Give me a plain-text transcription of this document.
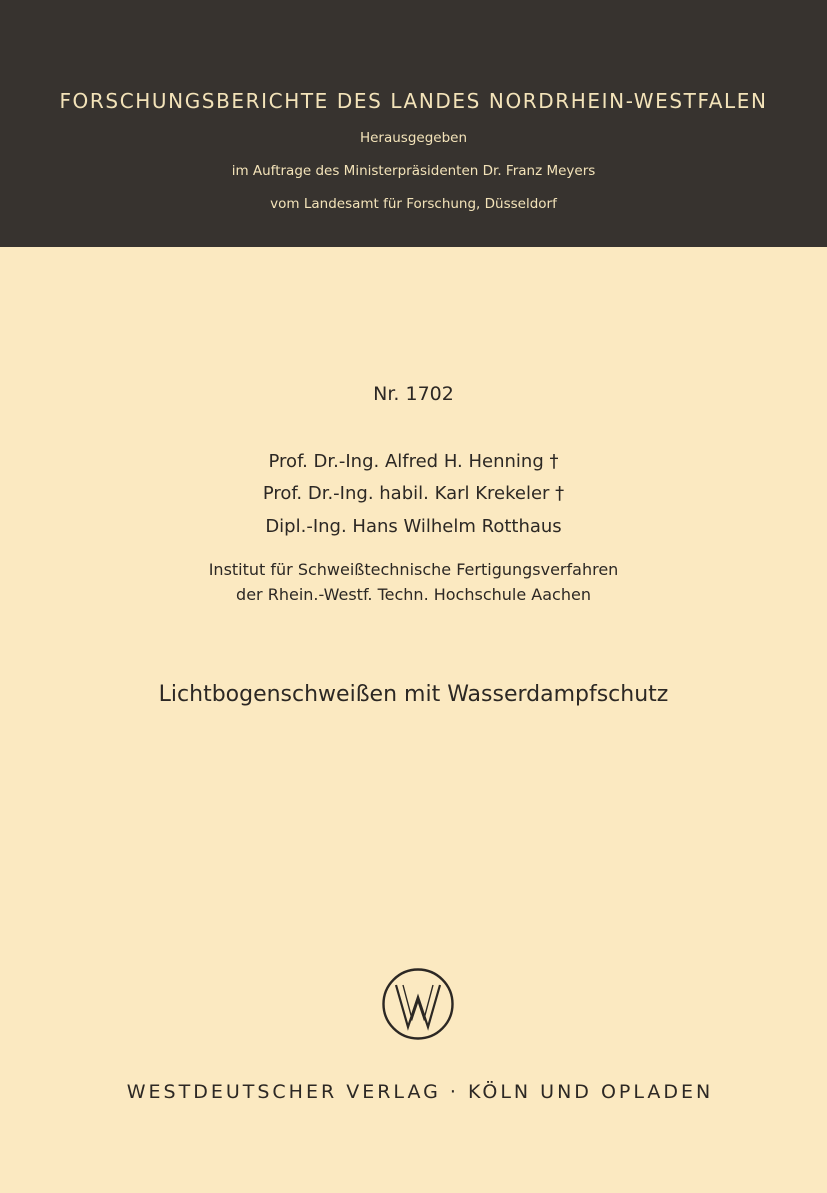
FORSCHUNGSBERICHTE DES LANDES NORDRHEIN-WESTFALEN
Herausgegeben
im Auftrage des Ministerpräsidenten Dr. Franz Meyers
vom Landesamt für Forschung, Düsseldorf
Nr. 1702
Prof. Dr.-Ing. Alfred H. Henning †
Prof. Dr.-Ing. habil. Karl Krekeler †
Dipl.-Ing. Hans Wilhelm Rotthaus
Institut für Schweißtechnische Fertigungsverfahren
der Rhein.-Westf. Techn. Hochschule Aachen
Lichtbogenschweißen mit Wasserdampfschutz
WESTDEUTSCHER VERLAG · KÖLN UND OPLADEN
